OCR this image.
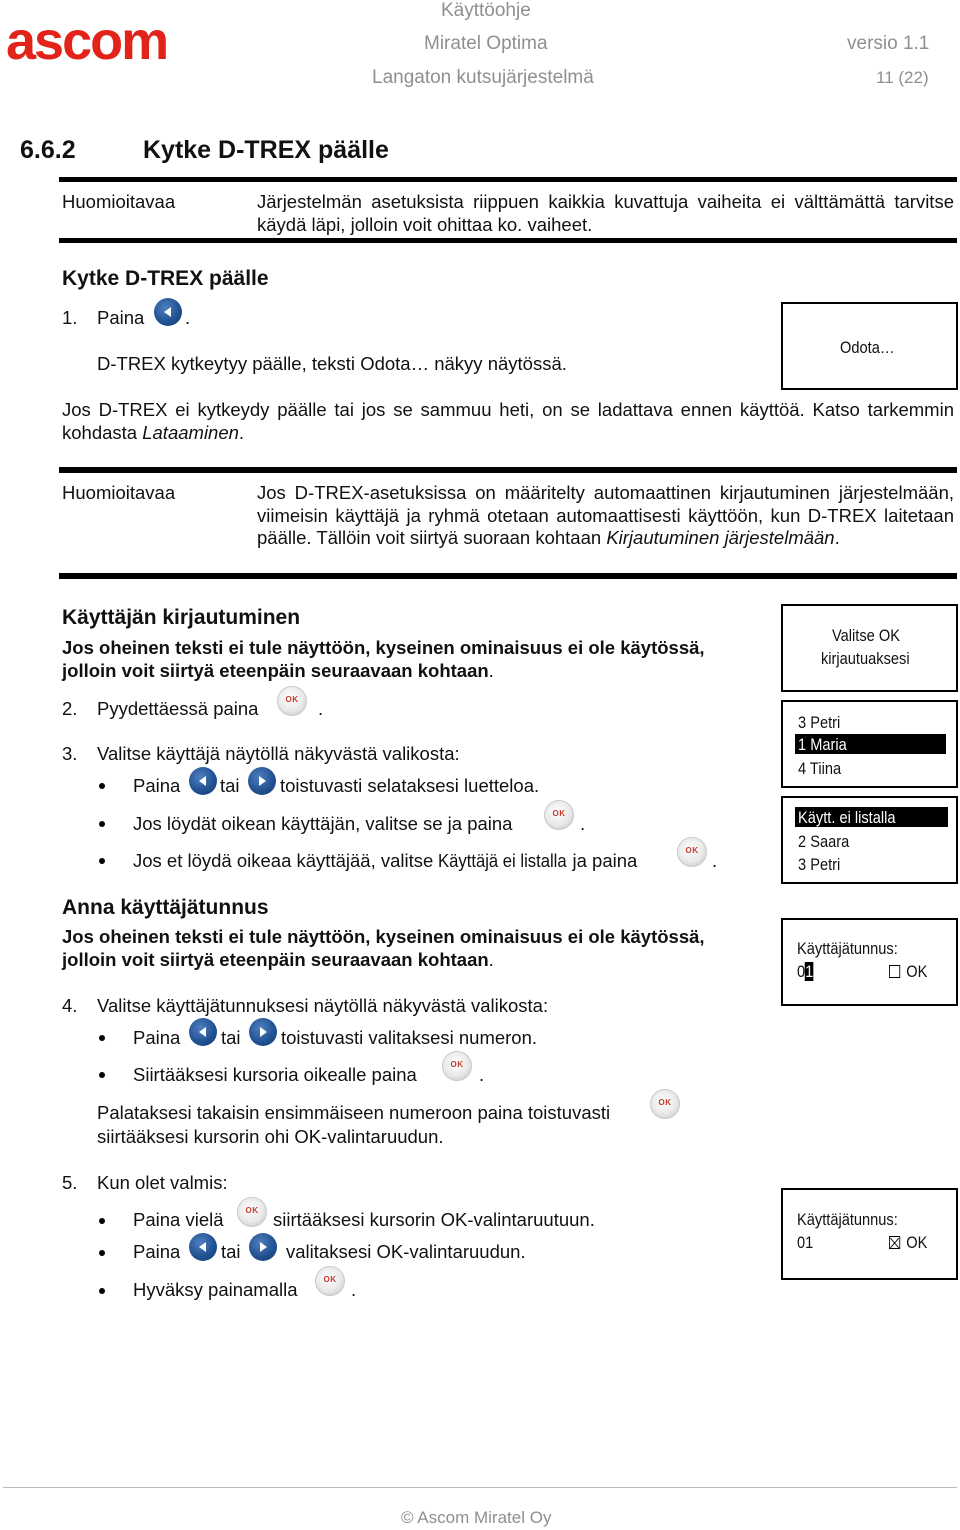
ascom
Käyttöohje
Miratel Optima	versio 1.1
Langaton kutsujärjestelmä	11 (22)
6.6.2	Kytke D-TREX päälle
Huomioitavaa	Järjestelmän asetuksista riippuen kaikkia kuvattuja vaiheita ei välttämättä tarvitse käydä läpi, jolloin voit ohittaa ko. vaiheet.
Kytke D-TREX päälle
1. Paina .
D-TREX kytkeytyy päälle, teksti Odota… näkyy näytössä.
Odota…
Jos D-TREX ei kytkeydy päälle tai jos se sammuu heti, on se ladattava ennen käyttöä. Katso tarkemmin kohdasta Lataaminen.
Huomioitavaa	Jos D-TREX-asetuksissa on määritelty automaattinen kirjautuminen järjestelmään, viimeisin käyttäjä ja ryhmä otetaan automaattisesti käyttöön, kun D-TREX laitetaan päälle. Tällöin voit siirtyä suoraan kohtaan Kirjautuminen järjestelmään.
Käyttäjän kirjautuminen
Jos oheinen teksti ei tule näyttöön, kyseinen ominaisuus ei ole käytössä, jolloin voit siirtyä eteenpäin seuraavaan kohtaan.
2. Pyydettäessä paina	OK	.
3. Valitse käyttäjä näytöllä näkyvästä valikosta:
Paina tai toistuvasti selataksesi luetteloa.
Jos löydät oikean käyttäjän, valitse se ja paina	OK .
Jos et löydä oikeaa käyttäjää, valitse Käyttäjä ei listalla ja paina	OK .
Valitse OK
kirjautuaksesi
3 Petri
1 Maria
4 Tiina
Käytt. ei listalla
2 Saara
3 Petri
Anna käyttäjätunnus
Jos oheinen teksti ei tule näyttöön, kyseinen ominaisuus ei ole käytössä, jolloin voit siirtyä eteenpäin seuraavaan kohtaan.
4. Valitse käyttäjätunnuksesi näytöllä näkyvästä valikosta:
Paina tai toistuvasti valitaksesi numeron.
Siirtääksesi kursoria oikealle paina	OK .
Palataksesi takaisin ensimmäiseen numeroon paina toistuvasti	OK
siirtääksesi kursorin ohi OK-valintaruudun.
5. Kun olet valmis:
Paina vielä	OK siirtääksesi kursorin OK-valintaruutuun.
Paina tai valitaksesi OK-valintaruudun.
Hyväksy painamalla	OK .
Käyttäjätunnus:
01	OK
Käyttäjätunnus:
01	OK
© Ascom Miratel Oy
